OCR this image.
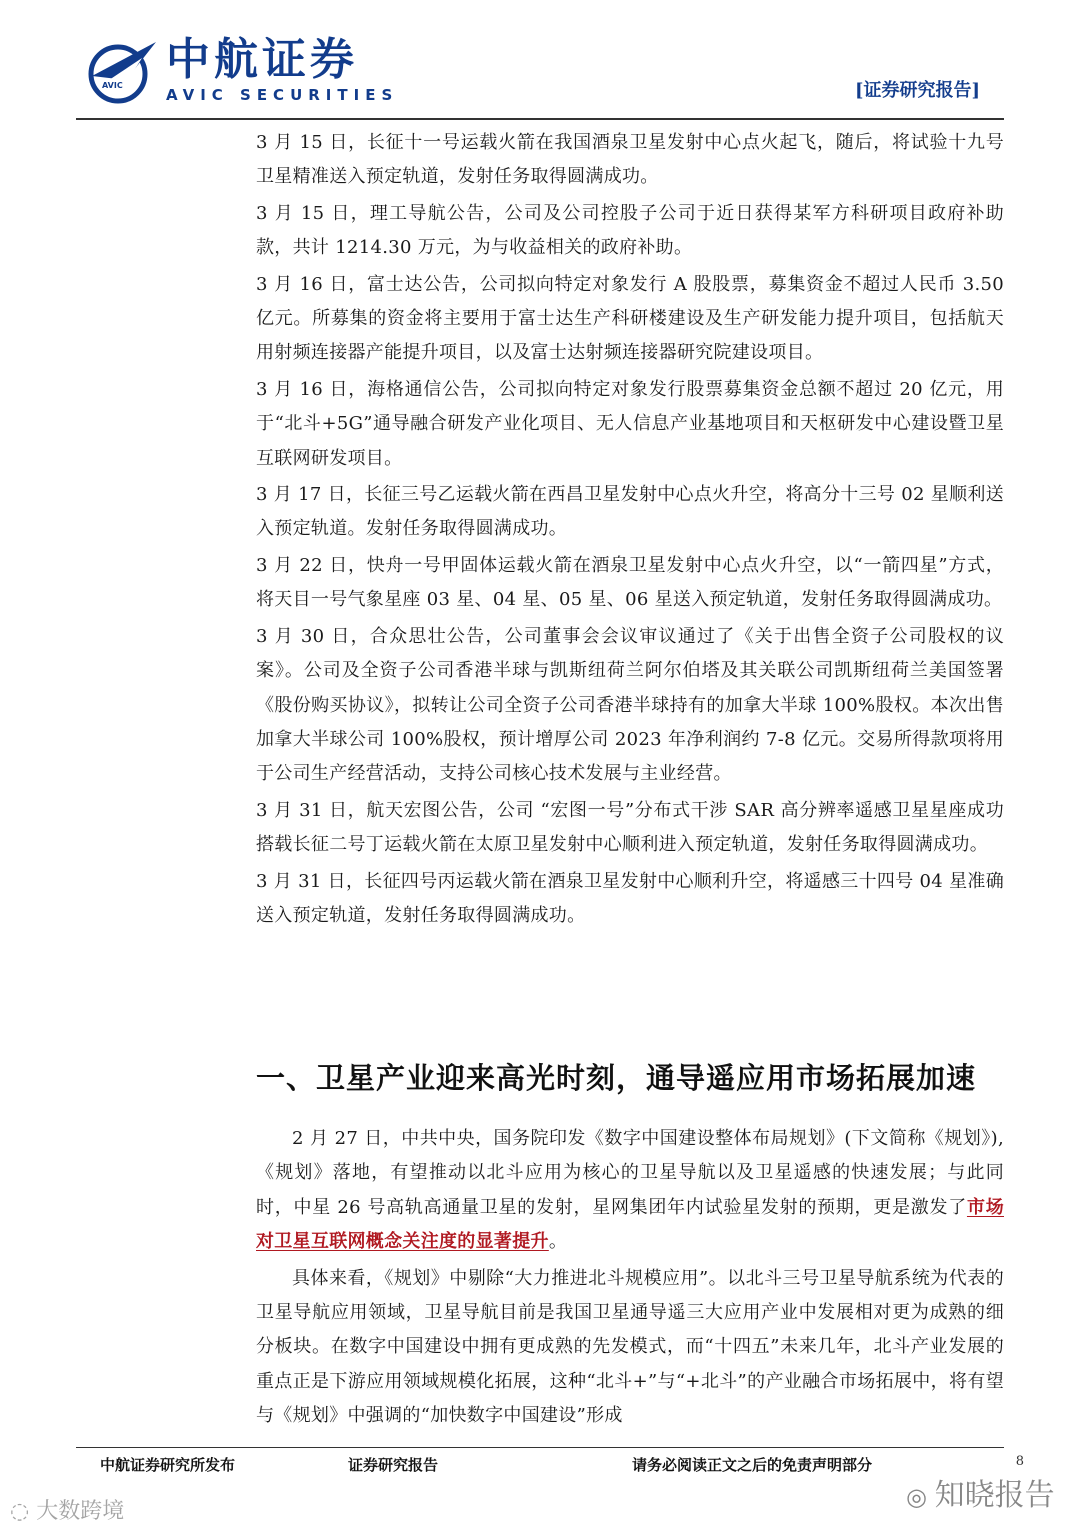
AVIC
中航证券
AVIC SECURITIES	[证券研究报告]

3 月 15 日，长征十一号运载火箭在我国酒泉卫星发射中心点火起飞，随后，将试验十九号卫星精准送入预定轨道，发射任务取得圆满成功。

3 月 15 日，理工导航公告，公司及公司控股子公司于近日获得某军方科研项目政府补助款，共计 1214.30 万元，为与收益相关的政府补助。

3 月 16 日，富士达公告，公司拟向特定对象发行 A 股股票，募集资金不超过人民币 3.50 亿元。所募集的资金将主要用于富士达生产科研楼建设及生产研发能力提升项目，包括航天用射频连接器产能提升项目，以及富士达射频连接器研究院建设项目。

3 月 16 日，海格通信公告，公司拟向特定对象发行股票募集资金总额不超过 20 亿元，用于“北斗+5G”通导融合研发产业化项目、无人信息产业基地项目和天枢研发中心建设暨卫星互联网研发项目。

3 月 17 日，长征三号乙运载火箭在西昌卫星发射中心点火升空，将高分十三号 02 星顺利送入预定轨道。发射任务取得圆满成功。

3 月 22 日，快舟一号甲固体运载火箭在酒泉卫星发射中心点火升空，以“一箭四星”方式，将天目一号气象星座 03 星、04 星、05 星、06 星送入预定轨道，发射任务取得圆满成功。

3 月 30 日，合众思壮公告，公司董事会会议审议通过了《关于出售全资子公司股权的议案》。公司及全资子公司香港半球与凯斯纽荷兰阿尔伯塔及其关联公司凯斯纽荷兰美国签署《股份购买协议》，拟转让公司全资子公司香港半球持有的加拿大半球 100%股权。本次出售加拿大半球公司 100%股权，预计增厚公司 2023 年净利润约 7-8 亿元。交易所得款项将用于公司生产经营活动，支持公司核心技术发展与主业经营。

3 月 31 日，航天宏图公告，公司 “宏图一号”分布式干涉 SAR 高分辨率遥感卫星星座成功搭载长征二号丁运载火箭在太原卫星发射中心顺利进入预定轨道，发射任务取得圆满成功。

3 月 31 日，长征四号丙运载火箭在酒泉卫星发射中心顺利升空，将遥感三十四号 04 星准确送入预定轨道，发射任务取得圆满成功。

一、卫星产业迎来高光时刻，通导遥应用市场拓展加速

2 月 27 日，中共中央，国务院印发《数字中国建设整体布局规划》(下文简称《规划》),《规划》落地，有望推动以北斗应用为核心的卫星导航以及卫星遥感的快速发展；与此同时，中星 26 号高轨高通量卫星的发射，星网集团年内试验星发射的预期，更是激发了市场对卫星互联网概念关注度的显著提升。

具体来看，《规划》中剔除“大力推进北斗规模应用”。以北斗三号卫星导航系统为代表的卫星导航应用领域，卫星导航目前是我国卫星通导遥三大应用产业中发展相对更为成熟的细分板块。在数字中国建设中拥有更成熟的先发模式，而“十四五”未来几年，北斗产业发展的重点正是下游应用领域规模化拓展，这种“北斗+”与“+北斗”的产业融合市场拓展中，将有望与《规划》中强调的“加快数字中国建设”形成

中航证券研究所发布	证券研究报告	请务必阅读正文之后的免责声明部分	8
◌ 大数跨境
◎ 知晓报告
